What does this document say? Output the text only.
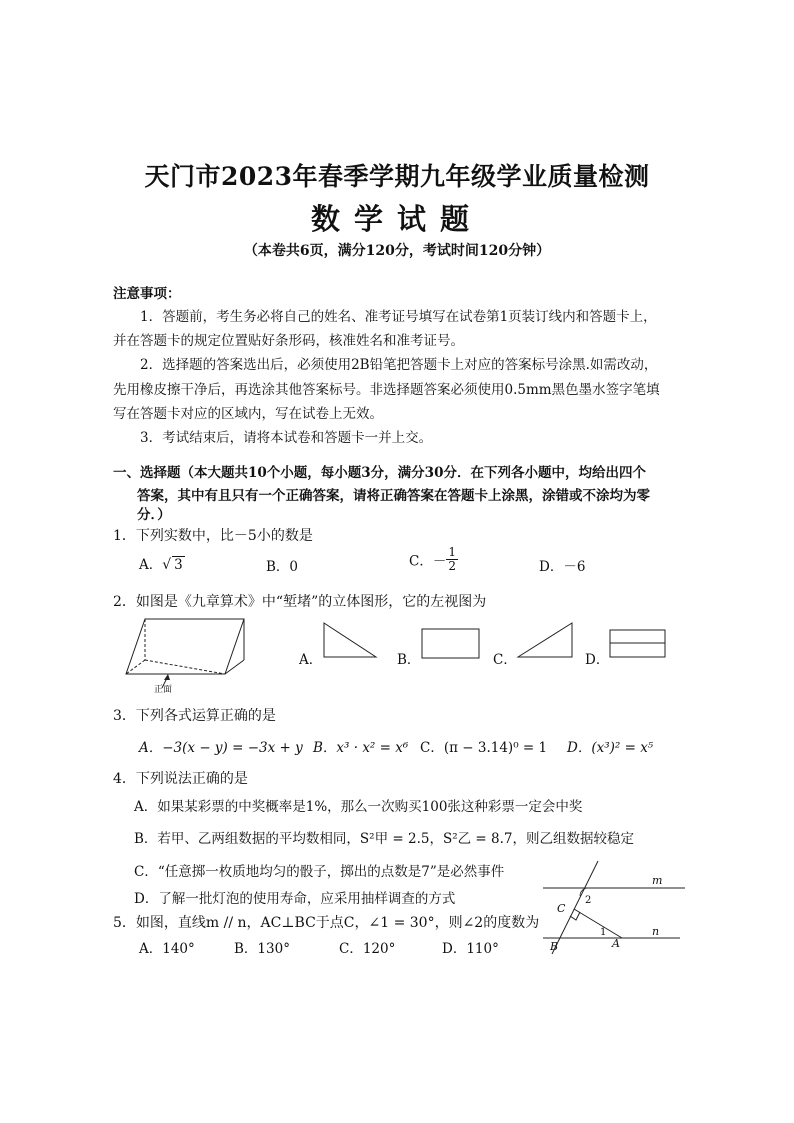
天门市2023年春季学期九年级学业质量检测
数学试题
（本卷共6页，满分120分，考试时间120分钟）
注意事项：
1．答题前，考生务必将自己的姓名、准考证号填写在试卷第1页装订线内和答题卡上，
并在答题卡的规定位置贴好条形码，核准姓名和准考证号。
2．选择题的答案选出后，必须使用2B铅笔把答题卡上对应的答案标号涂黑.如需改动，
先用橡皮擦干净后，再选涂其他答案标号。非选择题答案必须使用0.5mm黑色墨水签字笔填
写在答题卡对应的区域内，写在试卷上无效。
3．考试结束后，请将本试卷和答题卡一并上交。
一、选择题（本大题共10个小题，每小题3分，满分30分．在下列各小题中，均给出四个
答案，其中有且只有一个正确答案，请将正确答案在答题卡上涂黑，涂错或不涂均为零
分．）
1．下列实数中，比－5小的数是
A．√ 3	B．0	C．－ $\frac{1}{2}$	D．－6
2．如图是《九章算术》中“堑堵”的立体图形，它的左视图为
正面
A．	B．	C．	D．
3．下列各式运算正确的是
A．−3(x − y) = −3x + y B．x³ · x² = x⁶ C．(π − 3.14)⁰ = 1 D．(x³)² = x⁵
4．下列说法正确的是
A．如果某彩票的中奖概率是1%，那么一次购买100张这种彩票一定会中奖
B．若甲、乙两组数据的平均数相同，S²甲 = 2.5，S²乙 = 8.7，则乙组数据较稳定
C．“任意掷一枚质地均匀的骰子，掷出的点数是7”是必然事件
D．了解一批灯泡的使用寿命，应采用抽样调查的方式
5．如图，直线m // n，AC⊥BC于点C，∠1 = 30°，则∠2的度数为
A．140°	B．130°	C．120°	D．110°
m
n
C
B	A
1
2
